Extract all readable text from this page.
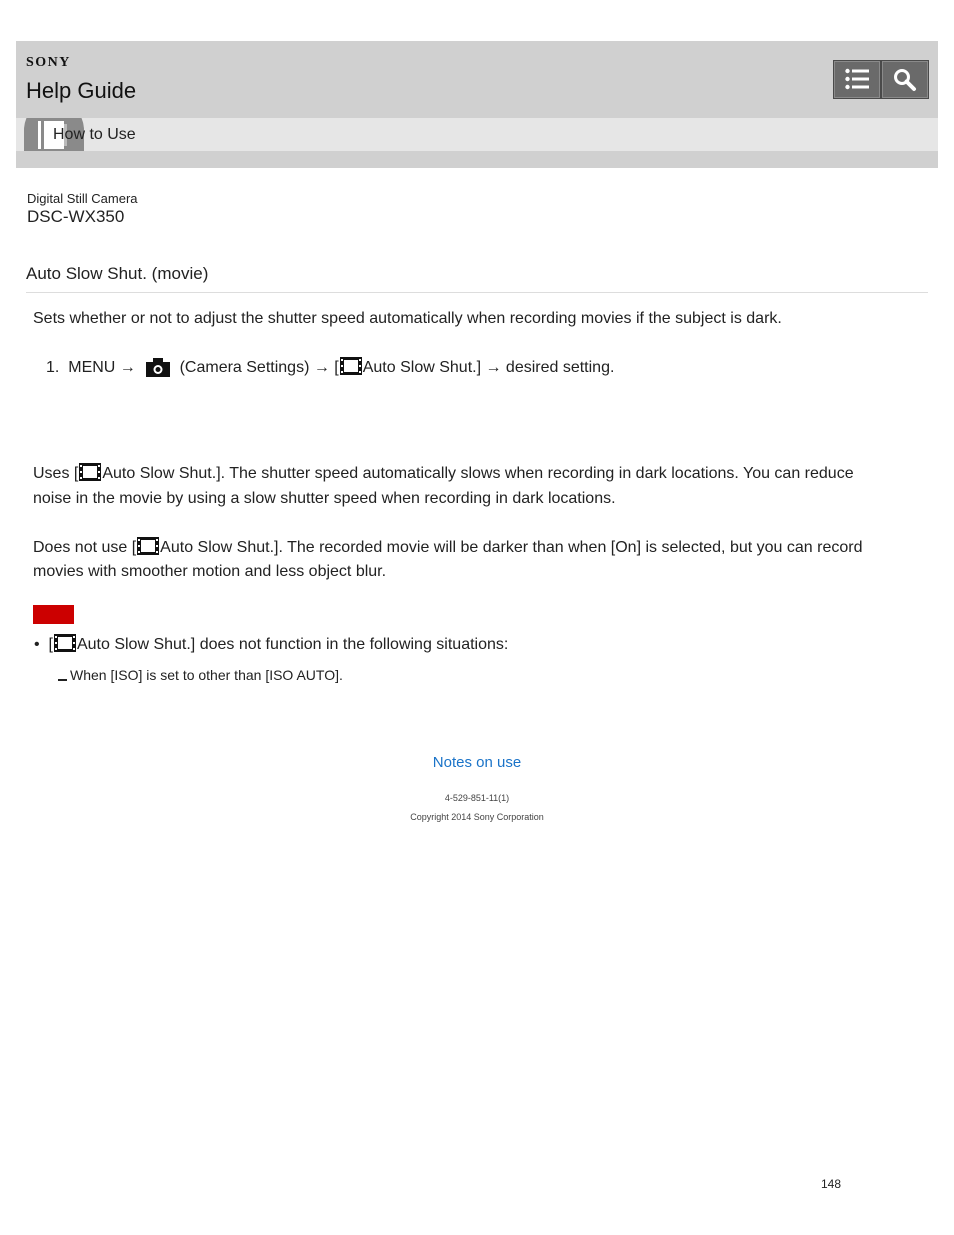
SONY
Help Guide
How to Use
Digital Still Camera
DSC-WX350
Auto Slow Shut. (movie)
Sets whether or not to adjust the shutter speed automatically when recording movies if the subject is dark.
1. MENU →	(Camera Settings) → [ Auto Slow Shut.] → desired setting.
Uses [ Auto Slow Shut.]. The shutter speed automatically slows when recording in dark locations. You can reduce
noise in the movie by using a slow shutter speed when recording in dark locations.
Does not use [ Auto Slow Shut.]. The recorded movie will be darker than when [On] is selected, but you can record
movies with smoother motion and less object blur.
•  [ Auto Slow Shut.] does not function in the following situations:
When [ISO] is set to other than [ISO AUTO].
Notes on use
4-529-851-11(1)
Copyright 2014 Sony Corporation
148
